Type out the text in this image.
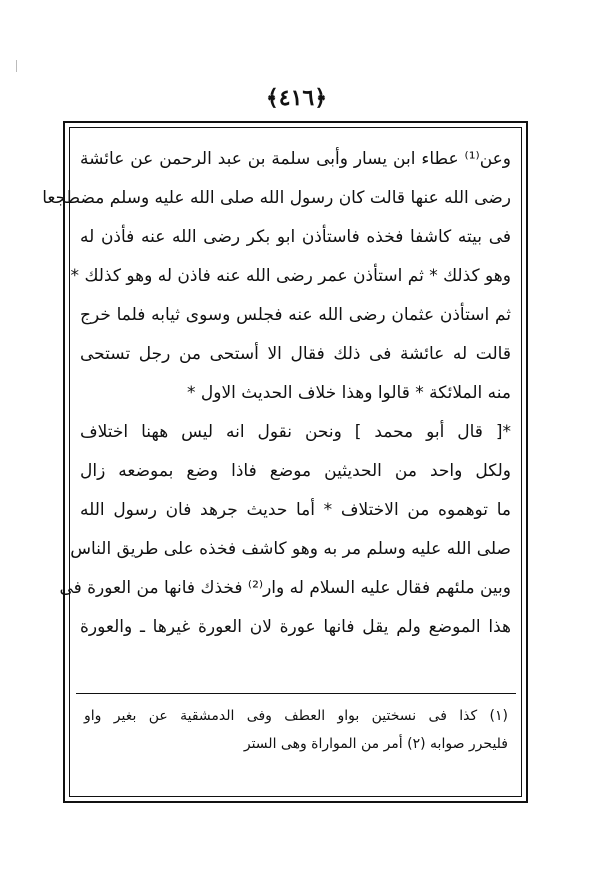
﴿٤١٦﴾
وعن⁽¹⁾ عطاء ابن يسار وأبى سلمة بن عبد الرحمن عن عائشة
رضى الله عنها قالت كان رسول الله صلى الله عليه وسلم مضطجعا
فى بيته كاشفا فخذه فاستأذن ابو بكر رضى الله عنه فأذن له
وهو كذلك * ثم استأذن عمر رضى الله عنه فاذن له وهو كذلك *
ثم استأذن عثمان رضى الله عنه فجلس وسوى ثيابه فلما خرج
قالت له عائشة فى ذلك فقال الا أستحى من رجل تستحى
منه الملائكة * قالوا وهذا خلاف الحديث الاول *
*[ قال أبو محمد ] ونحن نقول انه ليس ههنا اختلاف
ولكل واحد من الحديثين موضع فاذا وضع بموضعه زال
ما توهموه من الاختلاف * أما حديث جرهد فان رسول الله
صلى الله عليه وسلم مر به وهو كاشف فخذه على طريق الناس
وبين ملئهم فقال عليه السلام له وار⁽²⁾ فخذك فانها من العورة فى
هذا الموضع ولم يقل فانها عورة لان العورة غيرها ـ والعورة
(١) كذا فى نسختين بواو العطف وفى الدمشقية عن بغير واو
فليحرر صوابه (٢) أمر من المواراة وهى الستر
